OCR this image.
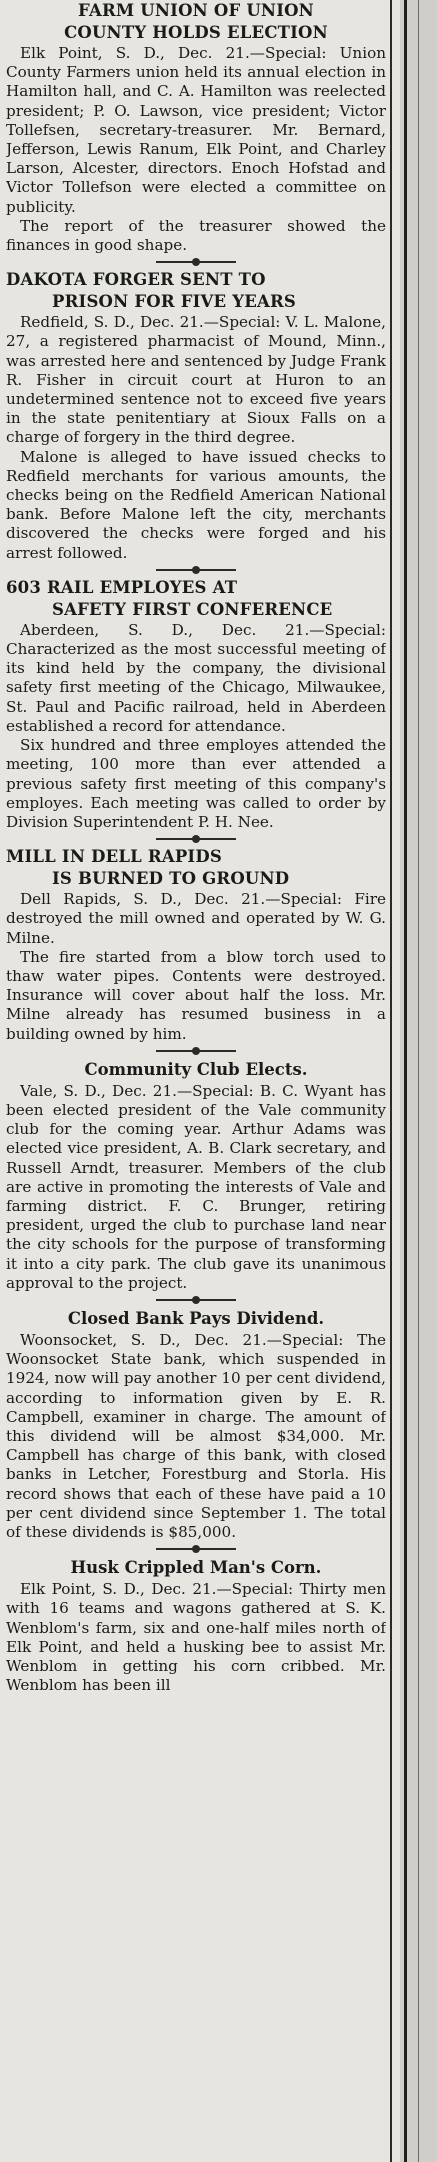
FARM UNION OF UNION
COUNTY HOLDS ELECTION

Elk Point, S. D., Dec. 21.—Special: Union County Farmers union held its annual election in Hamilton hall, and C. A. Hamilton was reelected president; P. O. Lawson, vice president; Victor Tollefsen, secretary-treasurer. Mr. Bernard, Jefferson, Lewis Ranum, Elk Point, and Charley Larson, Alcester, directors. Enoch Hofstad and Victor Tollefson were elected a committee on publicity.

The report of the treasurer showed the finances in good shape.

DAKOTA FORGER SENT TO
PRISON FOR FIVE YEARS

Redfield, S. D., Dec. 21.—Special: V. L. Malone, 27, a registered pharmacist of Mound, Minn., was arrested here and sentenced by Judge Frank R. Fisher in circuit court at Huron to an undetermined sentence not to exceed five years in the state penitentiary at Sioux Falls on a charge of forgery in the third degree.

Malone is alleged to have issued checks to Redfield merchants for various amounts, the checks being on the Redfield American National bank. Before Malone left the city, merchants discovered the checks were forged and his arrest followed.

603 RAIL EMPLOYES AT
SAFETY FIRST CONFERENCE

Aberdeen, S. D., Dec. 21.—Special: Characterized as the most successful meeting of its kind held by the company, the divisional safety first meeting of the Chicago, Milwaukee, St. Paul and Pacific railroad, held in Aberdeen established a record for attendance.

Six hundred and three employes attended the meeting, 100 more than ever attended a previous safety first meeting of this company's employes. Each meeting was called to order by Division Superintendent P. H. Nee.

MILL IN DELL RAPIDS
IS BURNED TO GROUND

Dell Rapids, S. D., Dec. 21.—Special: Fire destroyed the mill owned and operated by W. G. Milne.

The fire started from a blow torch used to thaw water pipes. Contents were destroyed. Insurance will cover about half the loss. Mr. Milne already has resumed business in a building owned by him.

Community Club Elects.

Vale, S. D., Dec. 21.—Special: B. C. Wyant has been elected president of the Vale community club for the coming year. Arthur Adams was elected vice president, A. B. Clark secretary, and Russell Arndt, treasurer. Members of the club are active in promoting the interests of Vale and farming district. F. C. Brunger, retiring president, urged the club to purchase land near the city schools for the purpose of transforming it into a city park. The club gave its unanimous approval to the project.

Closed Bank Pays Dividend.

Woonsocket, S. D., Dec. 21.—Special: The Woonsocket State bank, which suspended in 1924, now will pay another 10 per cent dividend, according to information given by E. R. Campbell, examiner in charge. The amount of this dividend will be almost $34,000. Mr. Campbell has charge of this bank, with closed banks in Letcher, Forestburg and Storla. His record shows that each of these have paid a 10 per cent dividend since September 1. The total of these dividends is $85,000.

Husk Crippled Man's Corn.

Elk Point, S. D., Dec. 21.—Special: Thirty men with 16 teams and wagons gathered at S. K. Wenblom's farm, six and one-half miles north of Elk Point, and held a husking bee to assist Mr. Wenblom in getting his corn cribbed. Mr. Wenblom has been ill
